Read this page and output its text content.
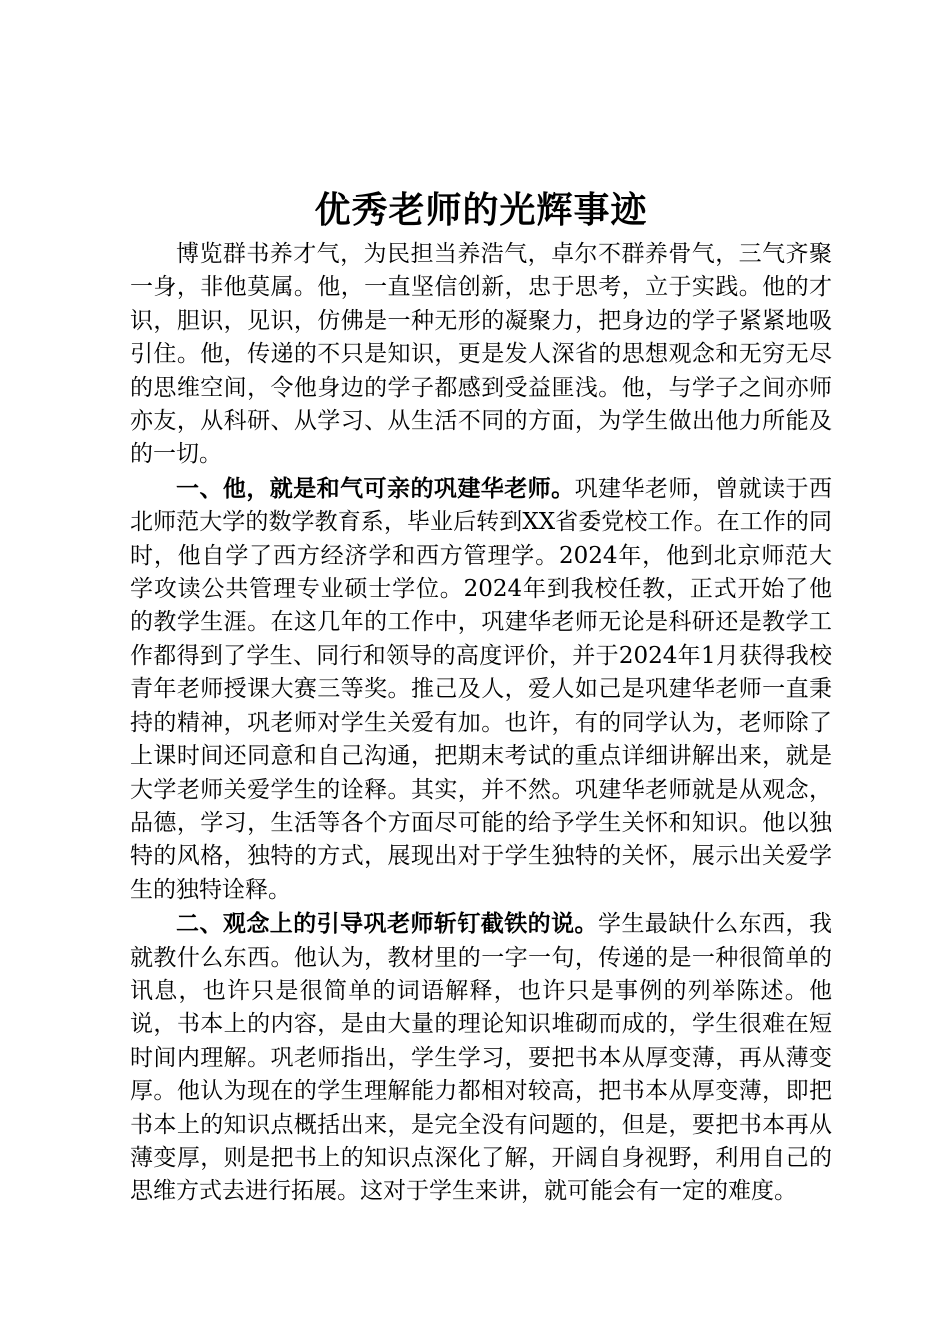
优秀老师的光辉事迹

博览群书养才气，为民担当养浩气，卓尔不群养骨气，三气齐聚一身，非他莫属。他，一直坚信创新，忠于思考，立于实践。他的才识，胆识，见识，仿佛是一种无形的凝聚力，把身边的学子紧紧地吸引住。他，传递的不只是知识，更是发人深省的思想观念和无穷无尽的思维空间，令他身边的学子都感到受益匪浅。他，与学子之间亦师亦友，从科研、从学习、从生活不同的方面，为学生做出他力所能及的一切。

一、他，就是和气可亲的巩建华老师。巩建华老师，曾就读于西北师范大学的数学教育系，毕业后转到XX省委党校工作。在工作的同时，他自学了西方经济学和西方管理学。2024年，他到北京师范大学攻读公共管理专业硕士学位。2024年到我校任教，正式开始了他的教学生涯。在这几年的工作中，巩建华老师无论是科研还是教学工作都得到了学生、同行和领导的高度评价，并于2024年1月获得我校青年老师授课大赛三等奖。推己及人，爱人如己是巩建华老师一直秉持的精神，巩老师对学生关爱有加。也许，有的同学认为，老师除了上课时间还同意和自己沟通，把期末考试的重点详细讲解出来，就是大学老师关爱学生的诠释。其实，并不然。巩建华老师就是从观念，品德，学习，生活等各个方面尽可能的给予学生关怀和知识。他以独特的风格，独特的方式，展现出对于学生独特的关怀，展示出关爱学生的独特诠释。

二、观念上的引导巩老师斩钉截铁的说。学生最缺什么东西，我就教什么东西。他认为，教材里的一字一句，传递的是一种很简单的讯息，也许只是很简单的词语解释，也许只是事例的列举陈述。他说，书本上的内容，是由大量的理论知识堆砌而成的，学生很难在短时间内理解。巩老师指出，学生学习，要把书本从厚变薄，再从薄变厚。他认为现在的学生理解能力都相对较高，把书本从厚变薄，即把书本上的知识点概括出来，是完全没有问题的，但是，要把书本再从薄变厚，则是把书上的知识点深化了解，开阔自身视野，利用自己的思维方式去进行拓展。这对于学生来讲，就可能会有一定的难度。
